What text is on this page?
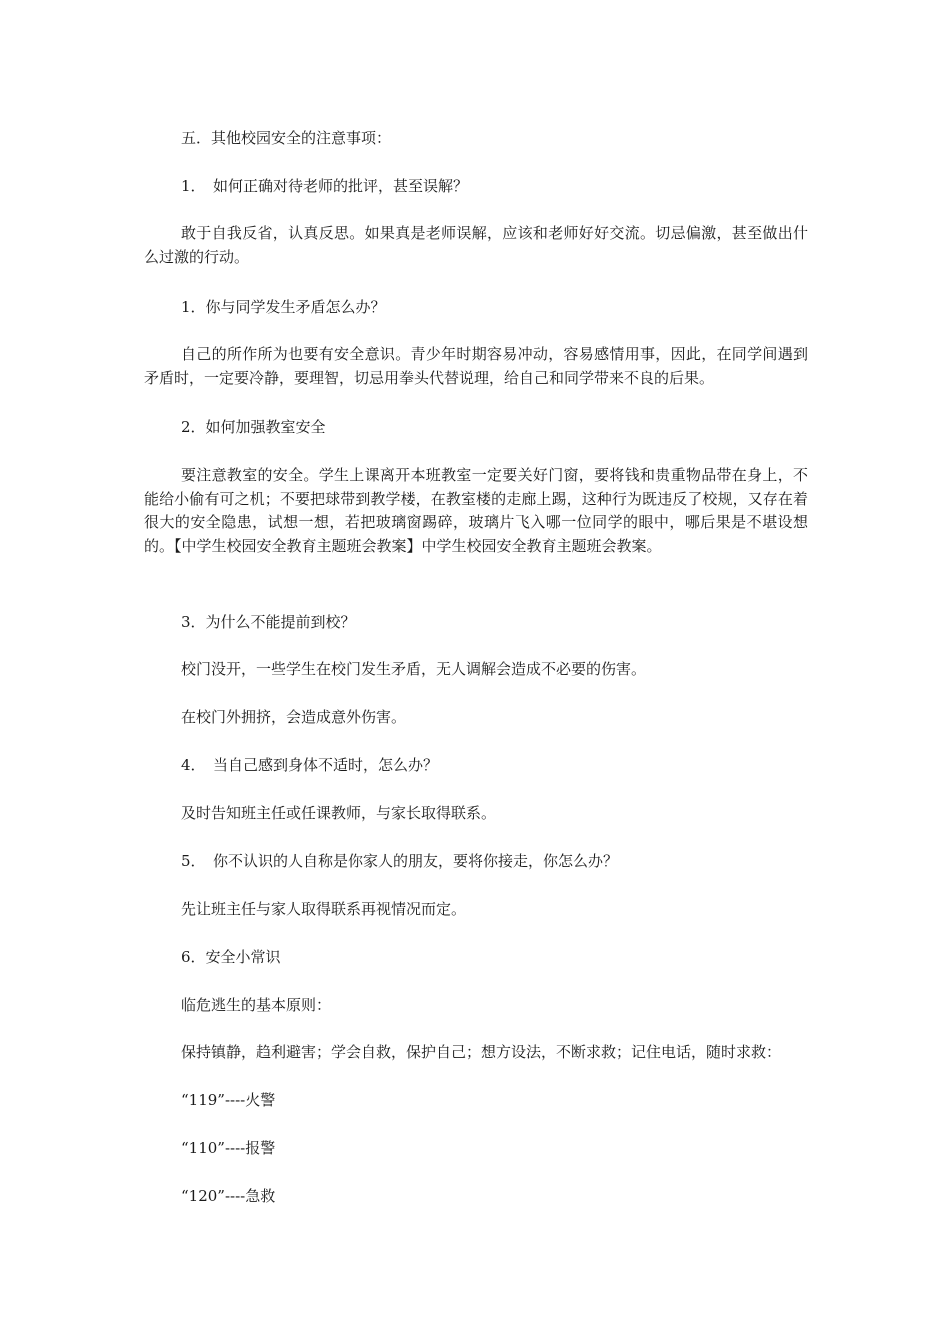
五．其他校园安全的注意事项：

1．　如何正确对待老师的批评，甚至误解？

敢于自我反省，认真反思。如果真是老师误解，应该和老师好好交流。切忌偏激，甚至做出什么过激的行动。

1．你与同学发生矛盾怎么办？

自己的所作所为也要有安全意识。青少年时期容易冲动，容易感情用事，因此，在同学间遇到矛盾时，一定要冷静，要理智，切忌用拳头代替说理，给自己和同学带来不良的后果。

2．如何加强教室安全

要注意教室的安全。学生上课离开本班教室一定要关好门窗，要将钱和贵重物品带在身上，不能给小偷有可之机；不要把球带到教学楼，在教室楼的走廊上踢，这种行为既违反了校规，又存在着很大的安全隐患，试想一想，若把玻璃窗踢碎，玻璃片飞入哪一位同学的眼中，哪后果是不堪设想的。【中学生校园安全教育主题班会教案】中学生校园安全教育主题班会教案。

3．为什么不能提前到校？

校门没开，一些学生在校门发生矛盾，无人调解会造成不必要的伤害。

在校门外拥挤，会造成意外伤害。

4．　当自己感到身体不适时，怎么办？

及时告知班主任或任课教师，与家长取得联系。

5．　你不认识的人自称是你家人的朋友，要将你接走，你怎么办？

先让班主任与家人取得联系再视情况而定。

6．安全小常识

临危逃生的基本原则：

保持镇静，趋利避害；学会自救，保护自己；想方设法，不断求救；记住电话，随时求救：

“119”----火警

“110”----报警

“120”----急救
